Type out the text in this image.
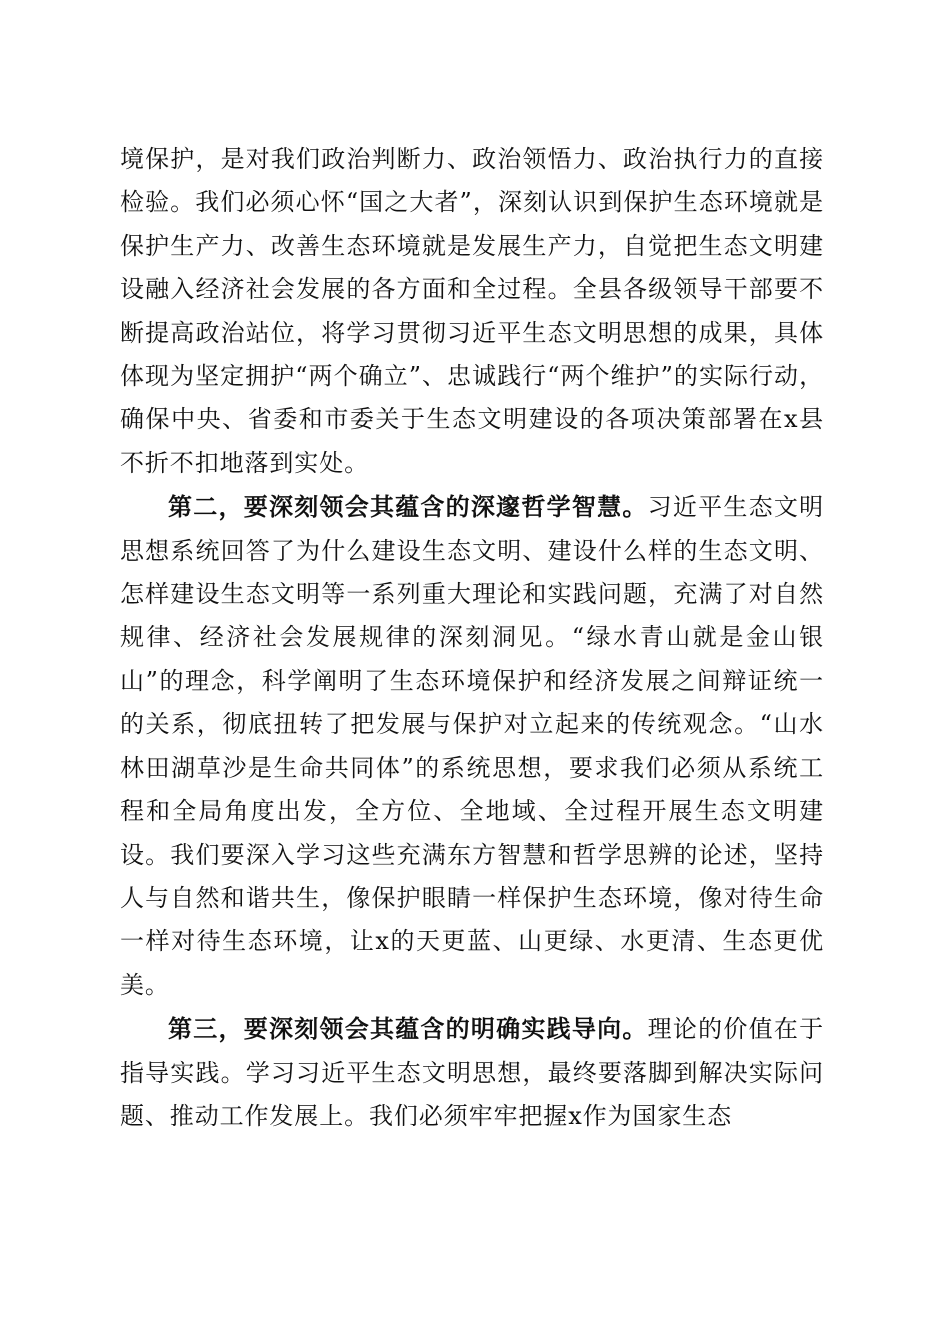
境保护，是对我们政治判断力、政治领悟力、政治执行力的直接检验。我们必须心怀“国之大者”，深刻认识到保护生态环境就是保护生产力、改善生态环境就是发展生产力，自觉把生态文明建设融入经济社会发展的各方面和全过程。全县各级领导干部要不断提高政治站位，将学习贯彻习近平生态文明思想的成果，具体体现为坚定拥护“两个确立”、忠诚践行“两个维护”的实际行动，确保中央、省委和市委关于生态文明建设的各项决策部署在x县不折不扣地落到实处。

第二，要深刻领会其蕴含的深邃哲学智慧。习近平生态文明思想系统回答了为什么建设生态文明、建设什么样的生态文明、怎样建设生态文明等一系列重大理论和实践问题，充满了对自然规律、经济社会发展规律的深刻洞见。“绿水青山就是金山银山”的理念，科学阐明了生态环境保护和经济发展之间辩证统一的关系，彻底扭转了把发展与保护对立起来的传统观念。“山水林田湖草沙是生命共同体”的系统思想，要求我们必须从系统工程和全局角度出发，全方位、全地域、全过程开展生态文明建设。我们要深入学习这些充满东方智慧和哲学思辨的论述，坚持人与自然和谐共生，像保护眼睛一样保护生态环境，像对待生命一样对待生态环境，让x的天更蓝、山更绿、水更清、生态更优美。

第三，要深刻领会其蕴含的明确实践导向。理论的价值在于指导实践。学习习近平生态文明思想，最终要落脚到解决实际问题、推动工作发展上。我们必须牢牢把握x作为国家生态
